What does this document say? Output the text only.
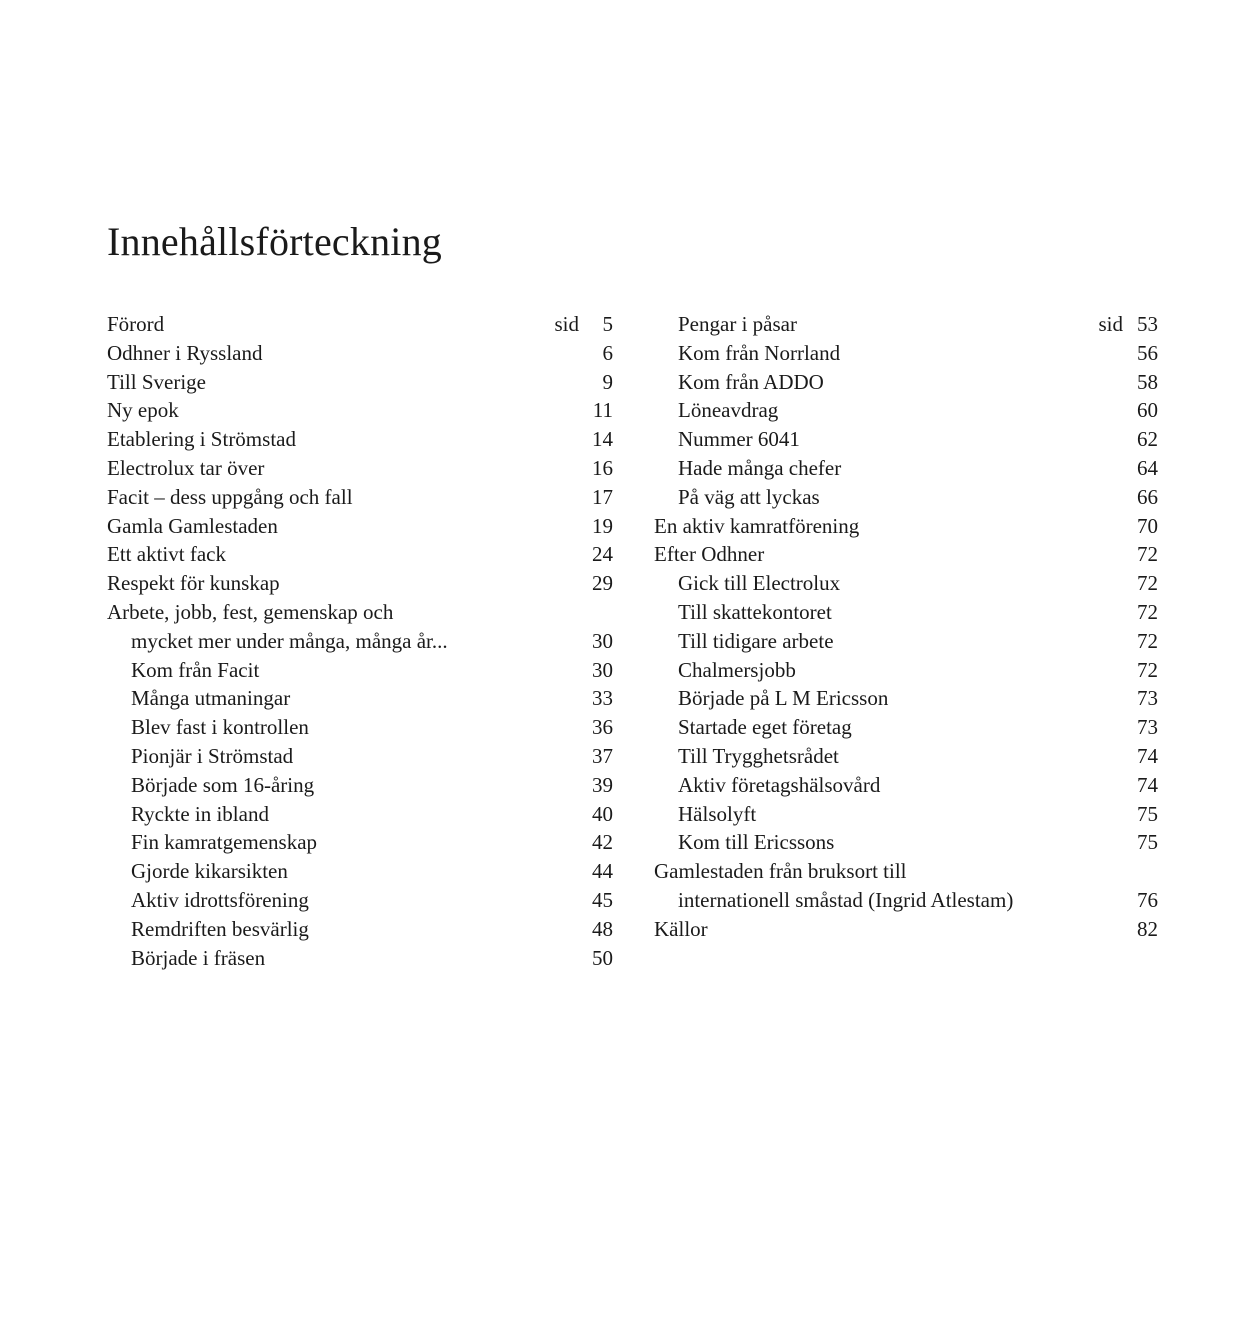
Innehållsförteckning
Förord	sid 5
Odhner i Ryssland	6
Till Sverige	9
Ny epok	11
Etablering i Strömstad	14
Electrolux tar över	16
Facit – dess uppgång och fall	17
Gamla Gamlestaden	19
Ett aktivt fack	24
Respekt för kunskap	29
Arbete, jobb, fest, gemenskap och
mycket mer under många, många år...	30
Kom från Facit	30
Många utmaningar	33
Blev fast i kontrollen	36
Pionjär i Strömstad	37
Började som 16-åring	39
Ryckte in ibland	40
Fin kamratgemenskap	42
Gjorde kikarsikten	44
Aktiv idrottsförening	45
Remdriften besvärlig	48
Började i fräsen	50
Pengar i påsar	sid 53
Kom från Norrland	56
Kom från ADDO	58
Löneavdrag	60
Nummer 6041	62
Hade många chefer	64
På väg att lyckas	66
En aktiv kamratförening	70
Efter Odhner	72
Gick till Electrolux	72
Till skattekontoret	72
Till tidigare arbete	72
Chalmersjobb	72
Började på L M Ericsson	73
Startade eget företag	73
Till Trygghetsrådet	74
Aktiv företagshälsovård	74
Hälsolyft	75
Kom till Ericssons	75
Gamlestaden från bruksort till
internationell småstad (Ingrid Atlestam)	76
Källor	82
